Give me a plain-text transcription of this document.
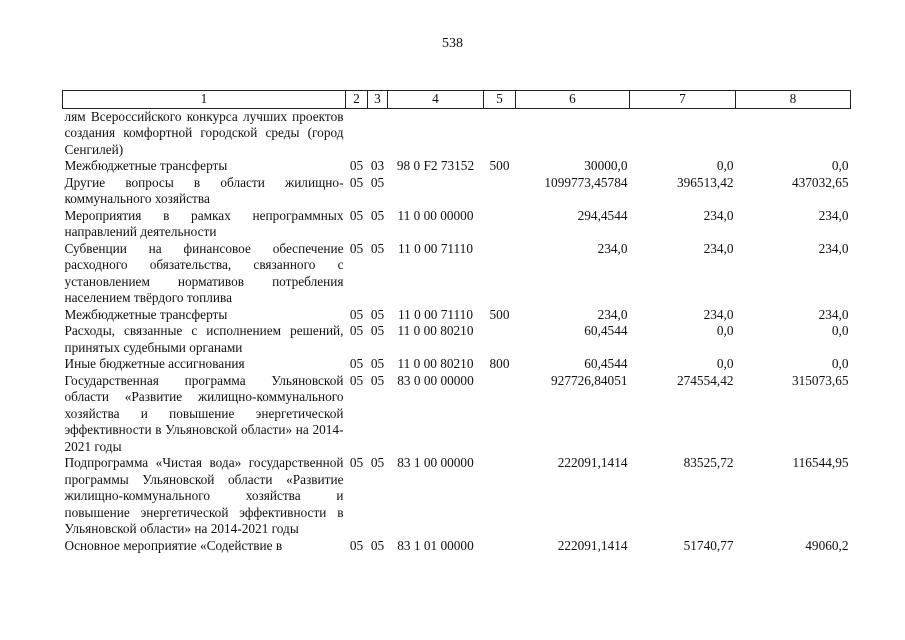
538
1	2	3	4	5	6	7	8
лям Всероссийского конкурса лучших проектов создания комфортной городской среды (город Сенгилей)							
Межбюджетные трансферты	05	03	98 0 F2 73152	500	30000,0	0,0	0,0
Другие вопросы в области жилищно-коммунального хозяйства	05	05			1099773,45784	396513,42	437032,65
Мероприятия в рамках непрограммных направлений деятельности	05	05	11 0 00 00000		294,4544	234,0	234,0
Субвенции на финансовое обеспечение расходного обязательства, связанного с установлением нормативов потребления населением твёрдого топлива	05	05	11 0 00 71110		234,0	234,0	234,0
Межбюджетные трансферты	05	05	11 0 00 71110	500	234,0	234,0	234,0
Расходы, связанные с исполнением решений, принятых судебными органами	05	05	11 0 00 80210		60,4544	0,0	0,0
Иные бюджетные ассигнования	05	05	11 0 00 80210	800	60,4544	0,0	0,0
Государственная программа Ульяновской области «Развитие жилищно-коммунального хозяйства и повышение энергетической эффективности в Ульяновской области» на 2014-2021 годы	05	05	83 0 00 00000		927726,84051	274554,42	315073,65
Подпрограмма «Чистая вода» государственной программы Ульяновской области «Развитие жилищно-коммунального хозяйства и повышение энергетической эффективности в Ульяновской области» на 2014-2021 годы	05	05	83 1 00 00000		222091,1414	83525,72	116544,95
Основное мероприятие «Содействие в	05	05	83 1 01 00000		222091,1414	51740,77	49060,2
